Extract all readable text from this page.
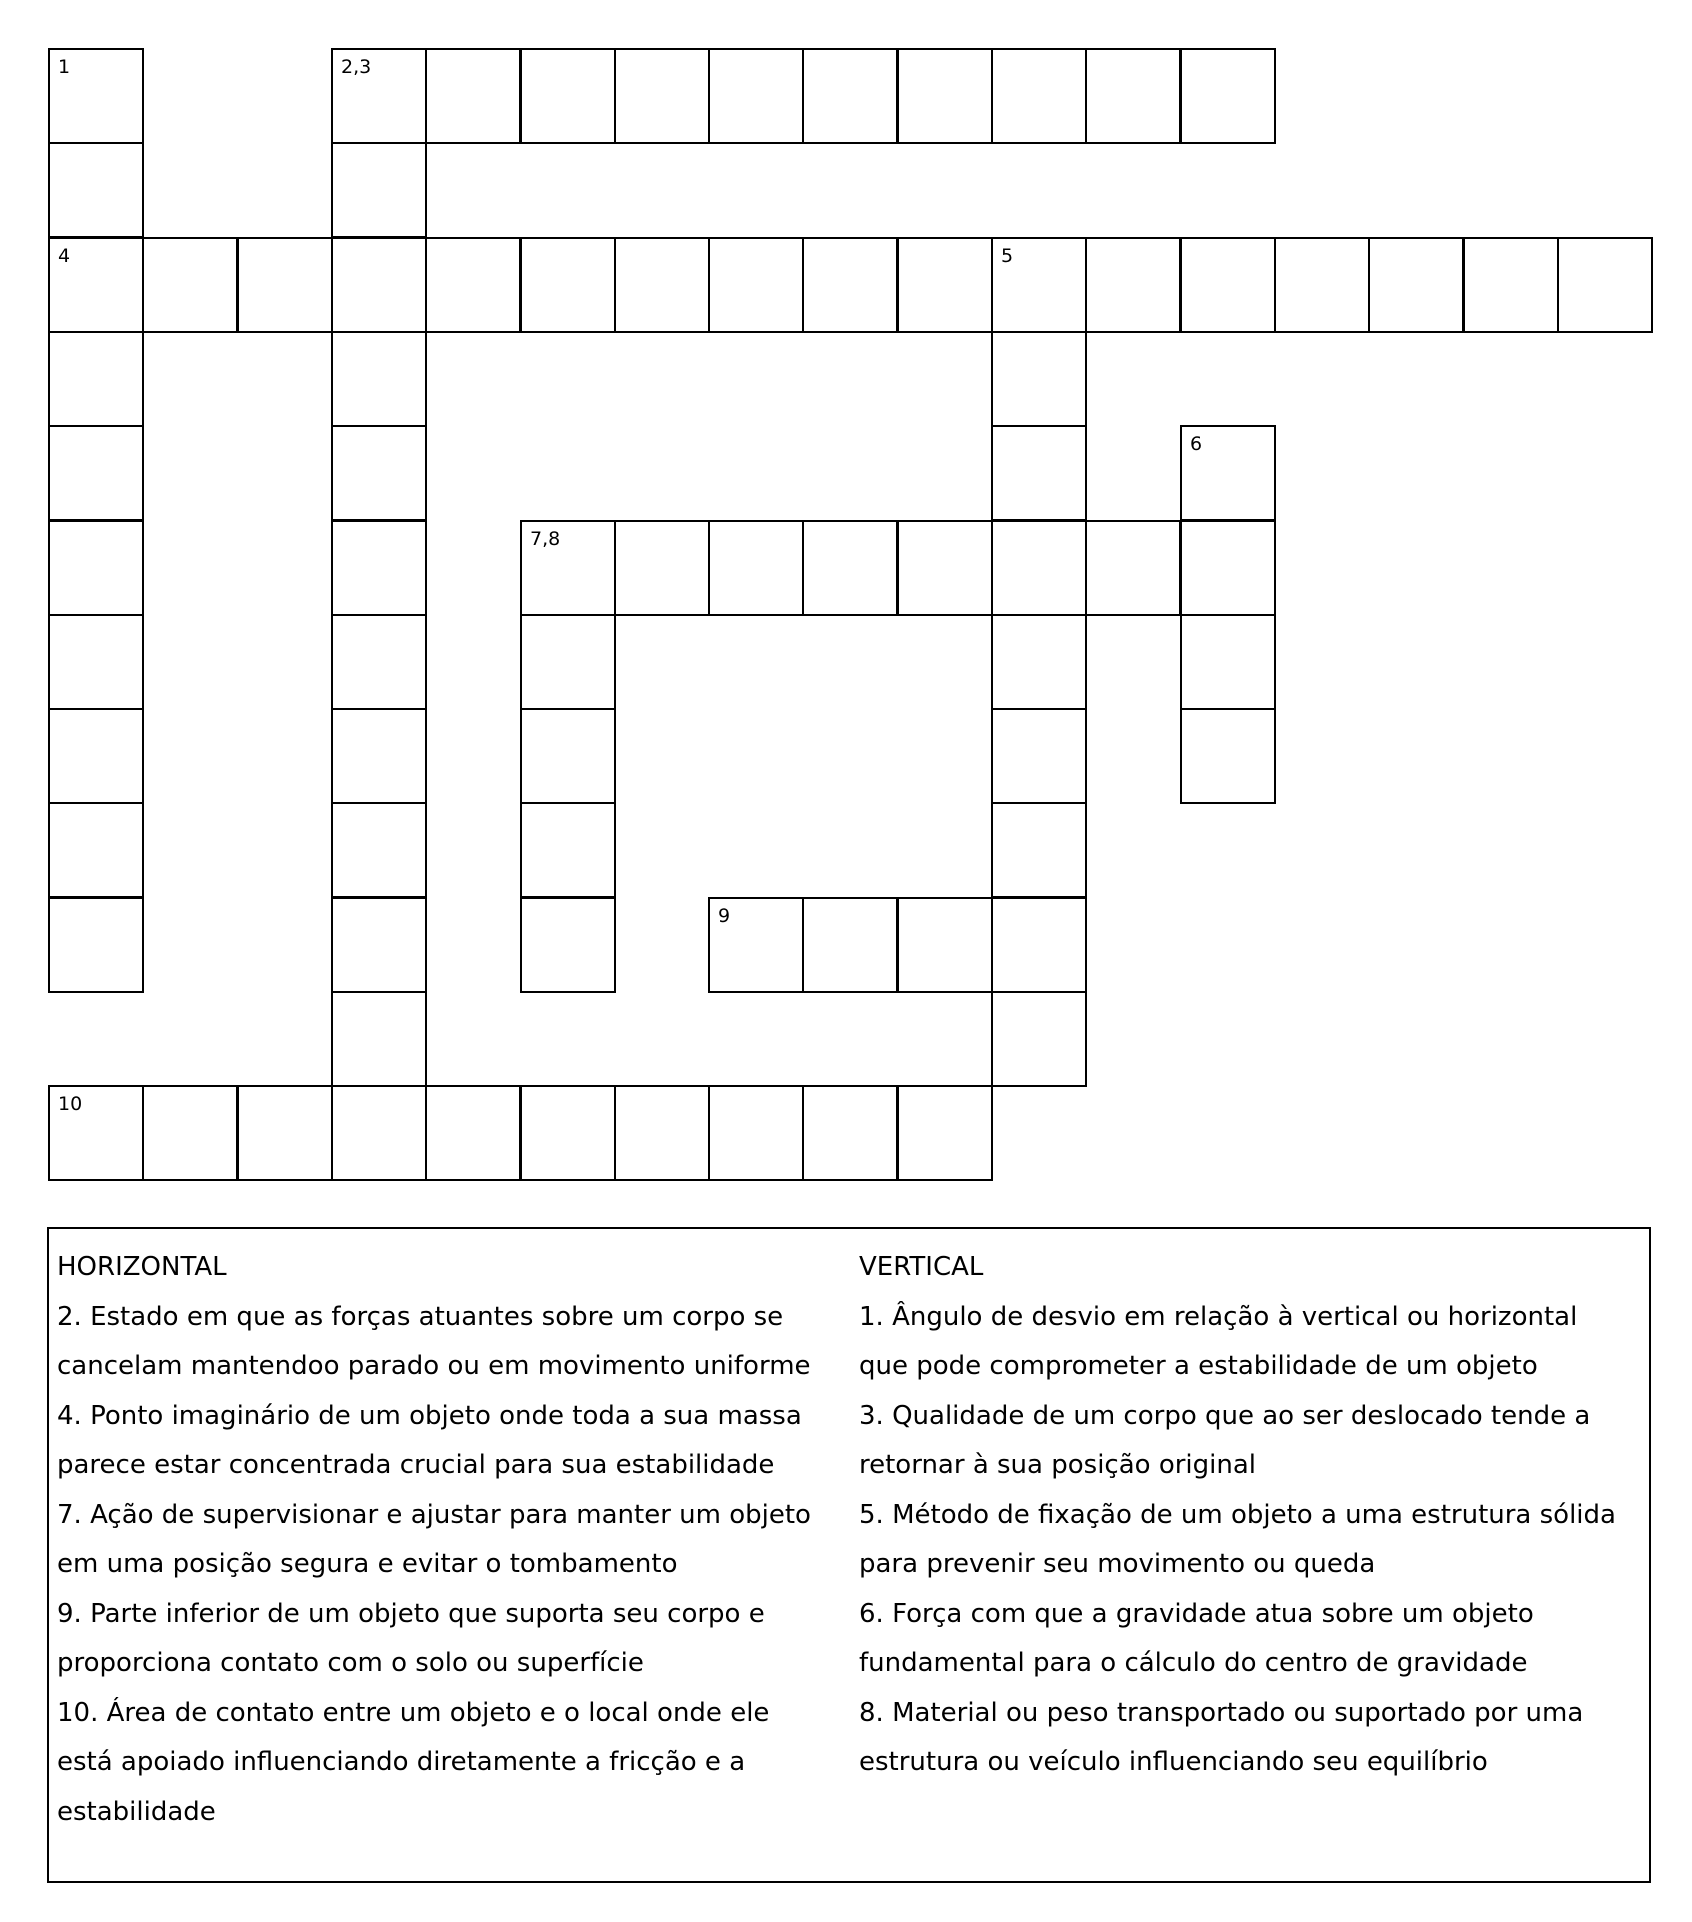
1	2,3
4	5
6
7,8
9
10
HORIZONTAL
2. Estado em que as forças atuantes sobre um corpo se
cancelam mantendoo parado ou em movimento uniforme
4. Ponto imaginário de um objeto onde toda a sua massa
parece estar concentrada crucial para sua estabilidade
7. Ação de supervisionar e ajustar para manter um objeto
em uma posição segura e evitar o tombamento
9. Parte inferior de um objeto que suporta seu corpo e
proporciona contato com o solo ou superfície
10. Área de contato entre um objeto e o local onde ele
está apoiado influenciando diretamente a fricção e a
estabilidade
VERTICAL
1. Ângulo de desvio em relação à vertical ou horizontal
que pode comprometer a estabilidade de um objeto
3. Qualidade de um corpo que ao ser deslocado tende a
retornar à sua posição original
5. Método de fixação de um objeto a uma estrutura sólida
para prevenir seu movimento ou queda
6. Força com que a gravidade atua sobre um objeto
fundamental para o cálculo do centro de gravidade
8. Material ou peso transportado ou suportado por uma
estrutura ou veículo influenciando seu equilíbrio
